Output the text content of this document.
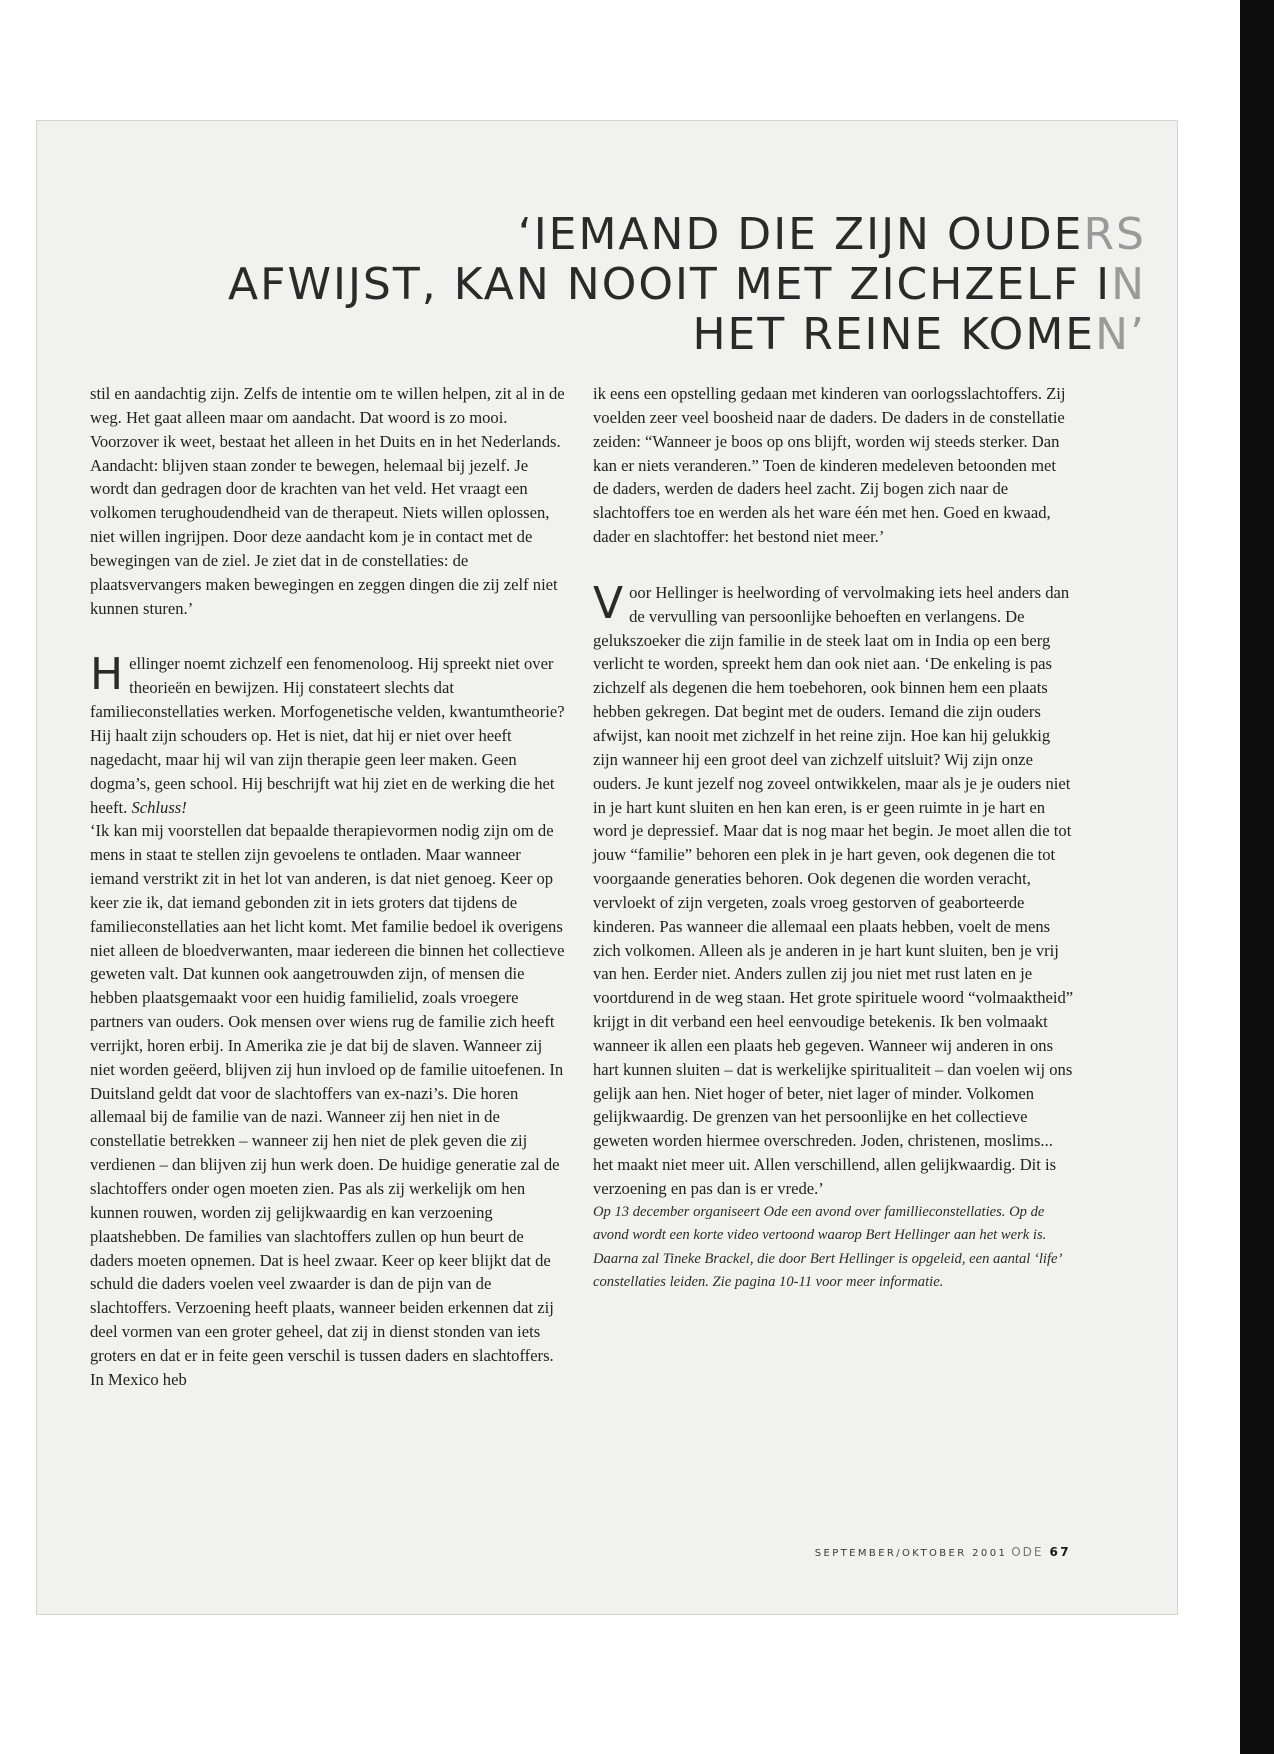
‘IEMAND DIE ZIJN OUDERS
AFWIJST, KAN NOOIT MET ZICHZELF IN
HET REINE KOMEN’

stil en aandachtig zijn. Zelfs de intentie om te willen helpen, zit al in de weg. Het gaat alleen maar om aandacht. Dat woord is zo mooi. Voorzover ik weet, bestaat het alleen in het Duits en in het Nederlands. Aandacht: blijven staan zonder te bewegen, helemaal bij jezelf. Je wordt dan gedragen door de krachten van het veld. Het vraagt een volkomen terughoudendheid van de therapeut. Niets willen oplossen, niet willen ingrijpen. Door deze aandacht kom je in contact met de bewegingen van de ziel. Je ziet dat in de constellaties: de plaatsvervangers maken bewegingen en zeggen dingen die zij zelf niet kunnen sturen.’

Hellinger noemt zichzelf een fenomenoloog. Hij spreekt niet over theorieën en bewijzen. Hij constateert slechts dat familieconstellaties werken. Morfogenetische velden, kwantumtheorie? Hij haalt zijn schouders op. Het is niet, dat hij er niet over heeft nagedacht, maar hij wil van zijn therapie geen leer maken. Geen dogma’s, geen school. Hij beschrijft wat hij ziet en de werking die het heeft. Schluss!

‘Ik kan mij voorstellen dat bepaalde therapievormen nodig zijn om de mens in staat te stellen zijn gevoelens te ontladen. Maar wanneer iemand verstrikt zit in het lot van anderen, is dat niet genoeg. Keer op keer zie ik, dat iemand gebonden zit in iets groters dat tijdens de familieconstellaties aan het licht komt. Met familie bedoel ik overigens niet alleen de bloedverwanten, maar iedereen die binnen het collectieve geweten valt. Dat kunnen ook aangetrouwden zijn, of mensen die hebben plaatsgemaakt voor een huidig familielid, zoals vroegere partners van ouders. Ook mensen over wiens rug de familie zich heeft verrijkt, horen erbij. In Amerika zie je dat bij de slaven. Wanneer zij niet worden geëerd, blijven zij hun invloed op de familie uitoefenen. In Duitsland geldt dat voor de slachtoffers van ex-nazi’s. Die horen allemaal bij de familie van de nazi. Wanneer zij hen niet in de constellatie betrekken – wanneer zij hen niet de plek geven die zij verdienen – dan blijven zij hun werk doen. De huidige generatie zal de slachtoffers onder ogen moeten zien. Pas als zij werkelijk om hen kunnen rouwen, worden zij gelijkwaardig en kan verzoening plaatshebben. De families van slachtoffers zullen op hun beurt de daders moeten opnemen. Dat is heel zwaar. Keer op keer blijkt dat de schuld die daders voelen veel zwaarder is dan de pijn van de slachtoffers. Verzoening heeft plaats, wanneer beiden erkennen dat zij deel vormen van een groter geheel, dat zij in dienst stonden van iets groters en dat er in feite geen verschil is tussen daders en slachtoffers. In Mexico heb

ik eens een opstelling gedaan met kinderen van oorlogsslachtoffers. Zij voelden zeer veel boosheid naar de daders. De daders in de constellatie zeiden: “Wanneer je boos op ons blijft, worden wij steeds sterker. Dan kan er niets veranderen.” Toen de kinderen medeleven betoonden met de daders, werden de daders heel zacht. Zij bogen zich naar de slachtoffers toe en werden als het ware één met hen. Goed en kwaad, dader en slachtoffer: het bestond niet meer.’

Voor Hellinger is heelwording of vervolmaking iets heel anders dan de vervulling van persoonlijke behoeften en verlangens. De gelukszoeker die zijn familie in de steek laat om in India op een berg verlicht te worden, spreekt hem dan ook niet aan. ‘De enkeling is pas zichzelf als degenen die hem toebehoren, ook binnen hem een plaats hebben gekregen. Dat begint met de ouders. Iemand die zijn ouders afwijst, kan nooit met zichzelf in het reine zijn. Hoe kan hij gelukkig zijn wanneer hij een groot deel van zichzelf uitsluit? Wij zijn onze ouders. Je kunt jezelf nog zoveel ontwikkelen, maar als je je ouders niet in je hart kunt sluiten en hen kan eren, is er geen ruimte in je hart en word je depressief. Maar dat is nog maar het begin. Je moet allen die tot jouw “familie” behoren een plek in je hart geven, ook degenen die tot voorgaande generaties behoren. Ook degenen die worden veracht, vervloekt of zijn vergeten, zoals vroeg gestorven of geaborteerde kinderen. Pas wanneer die allemaal een plaats hebben, voelt de mens zich volkomen. Alleen als je anderen in je hart kunt sluiten, ben je vrij van hen. Eerder niet. Anders zullen zij jou niet met rust laten en je voortdurend in de weg staan. Het grote spirituele woord “volmaaktheid” krijgt in dit verband een heel eenvoudige betekenis. Ik ben volmaakt wanneer ik allen een plaats heb gegeven. Wanneer wij anderen in ons hart kunnen sluiten – dat is werkelijke spiritualiteit – dan voelen wij ons gelijk aan hen. Niet hoger of beter, niet lager of minder. Volkomen gelijkwaardig. De grenzen van het persoonlijke en het collectieve geweten worden hiermee overschreden. Joden, christenen, moslims... het maakt niet meer uit. Allen verschillend, allen gelijkwaardig. Dit is verzoening en pas dan is er vrede.’

Op 13 december organiseert Ode een avond over famillieconstellaties. Op de avond wordt een korte video vertoond waarop Bert Hellinger aan het werk is. Daarna zal Tineke Brackel, die door Bert Hellinger is opgeleid, een aantal ‘life’ constellaties leiden. Zie pagina 10-11 voor meer informatie.

SEPTEMBER/OKTOBER 2001 ODE 67
